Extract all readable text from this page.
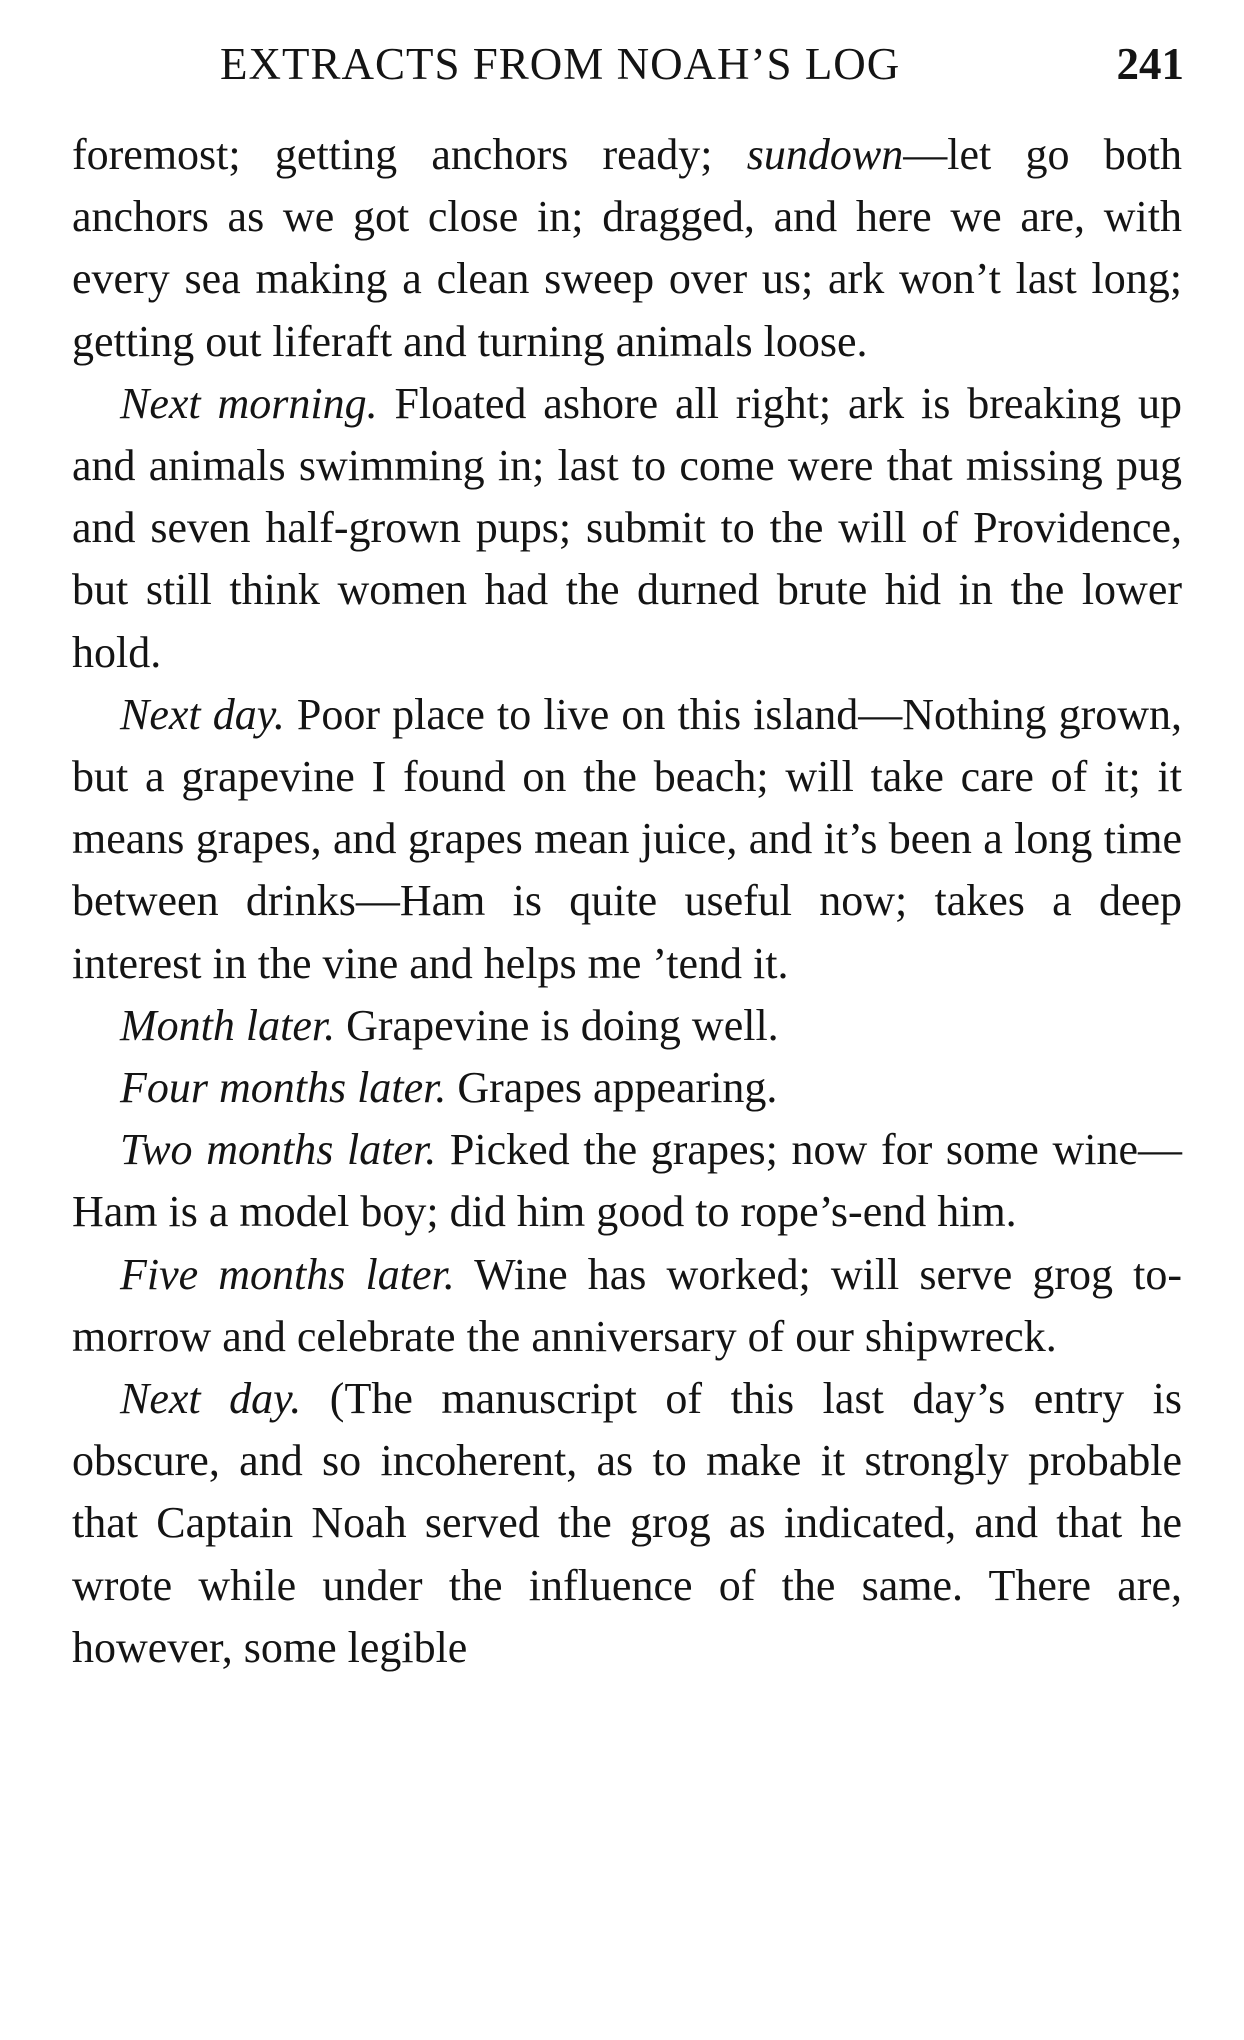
EXTRACTS FROM NOAH’S LOG	241

foremost; getting anchors ready; sundown—let go both anchors as we got close in; dragged, and here we are, with every sea making a clean sweep over us; ark won’t last long; getting out liferaft and turning animals loose.

Next morning. Floated ashore all right; ark is breaking up and animals swimming in; last to come were that missing pug and seven half-grown pups; submit to the will of Providence, but still think women had the durned brute hid in the lower hold.

Next day. Poor place to live on this island—Nothing grown, but a grapevine I found on the beach; will take care of it; it means grapes, and grapes mean juice, and it’s been a long time between drinks—Ham is quite useful now; takes a deep interest in the vine and helps me ’tend it.

Month later. Grapevine is doing well.

Four months later. Grapes appearing.

Two months later. Picked the grapes; now for some wine—Ham is a model boy; did him good to rope’s-end him.

Five months later. Wine has worked; will serve grog to-morrow and celebrate the anniversary of our shipwreck.

Next day. (The manuscript of this last day’s entry is obscure, and so incoherent, as to make it strongly probable that Captain Noah served the grog as indicated, and that he wrote while under the influence of the same. There are, however, some legible
